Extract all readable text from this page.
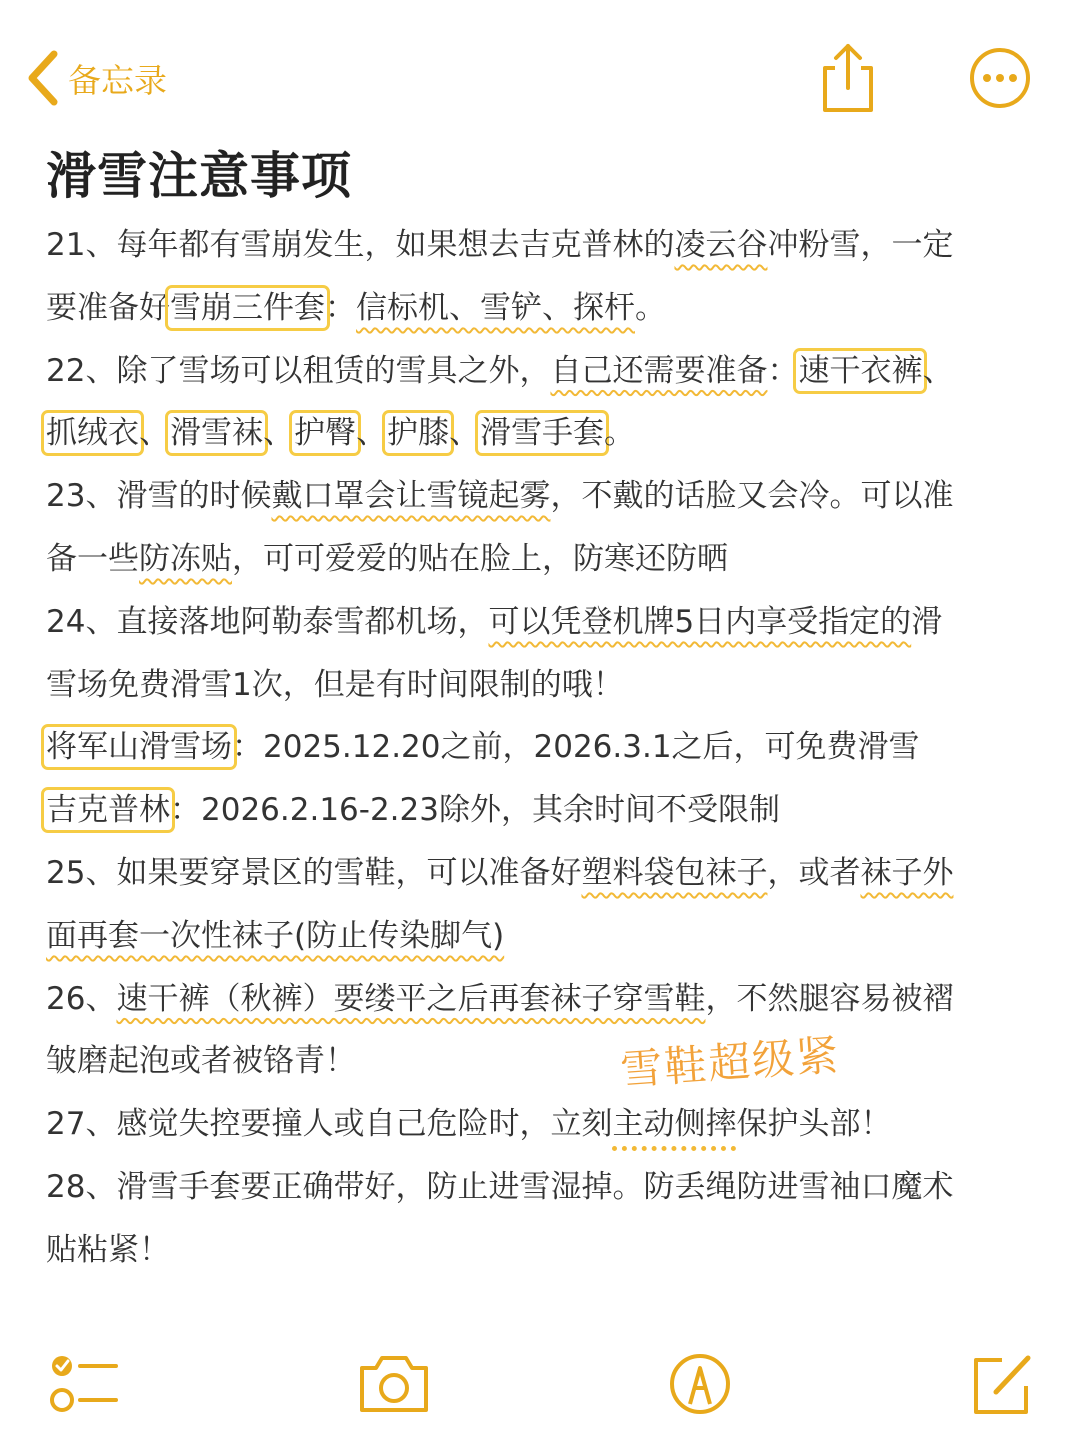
备忘录
滑雪注意事项
21、每年都有雪崩发生，如果想去吉克普林的凌云谷冲粉雪，一定
要准备好雪崩三件套：信标机、雪铲、探杆。
22、除了雪场可以租赁的雪具之外，自己还需要准备：速干衣裤、
抓绒衣、滑雪袜、护臀、护膝、滑雪手套。
23、滑雪的时候戴口罩会让雪镜起雾，不戴的话脸又会冷。可以准
备一些防冻贴，可可爱爱的贴在脸上，防寒还防晒
24、直接落地阿勒泰雪都机场，可以凭登机牌5日内享受指定的滑
雪场免费滑雪1次，但是有时间限制的哦！
将军山滑雪场：2025.12.20之前，2026.3.1之后，可免费滑雪
吉克普林：2026.2.16-2.23除外，其余时间不受限制
25、如果要穿景区的雪鞋，可以准备好塑料袋包袜子，或者袜子外
面再套一次性袜子(防止传染脚气)
26、速干裤（秋裤）要缕平之后再套袜子穿雪鞋，不然腿容易被褶
皱磨起泡或者被铬青！
27、感觉失控要撞人或自己危险时，立刻主动侧摔保护头部！
28、滑雪手套要正确带好，防止进雪湿掉。防丢绳防进雪袖口魔术
贴粘紧！
雪鞋超级紧
